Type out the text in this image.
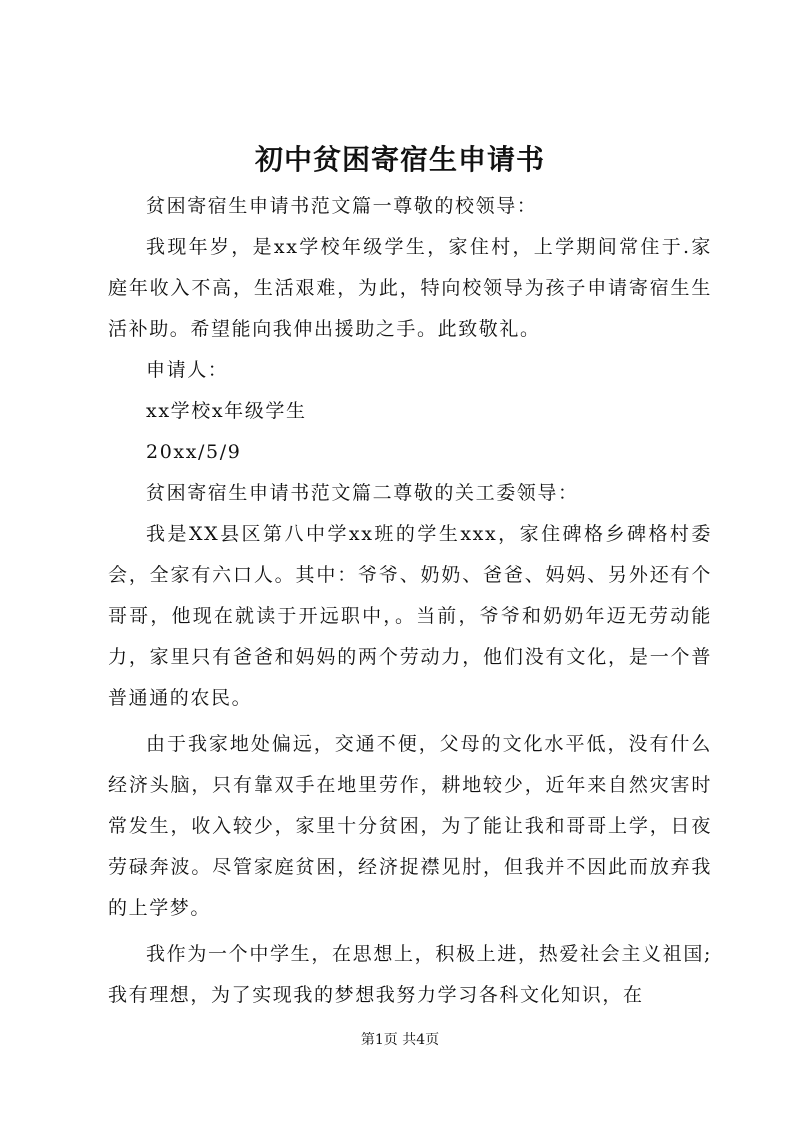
初中贫困寄宿生申请书

贫困寄宿生申请书范文篇一尊敬的校领导：

我现年岁，是xx学校年级学生，家住村，上学期间常住于.家庭年收入不高，生活艰难，为此，特向校领导为孩子申请寄宿生生活补助。希望能向我伸出援助之手。此致敬礼。

申请人：

xx学校x年级学生

20xx/5/9

贫困寄宿生申请书范文篇二尊敬的关工委领导：

我是XX县区第八中学xx班的学生xxx，家住碑格乡碑格村委会，全家有六口人。其中：爷爷、奶奶、爸爸、妈妈、另外还有个哥哥，他现在就读于开远职中，。当前，爷爷和奶奶年迈无劳动能力，家里只有爸爸和妈妈的两个劳动力，他们没有文化，是一个普普通通的农民。

由于我家地处偏远，交通不便，父母的文化水平低，没有什么经济头脑，只有靠双手在地里劳作，耕地较少，近年来自然灾害时常发生，收入较少，家里十分贫困，为了能让我和哥哥上学，日夜劳碌奔波。尽管家庭贫困，经济捉襟见肘，但我并不因此而放弃我的上学梦。

我作为一个中学生，在思想上，积极上进，热爱社会主义祖国;我有理想，为了实现我的梦想我努力学习各科文化知识，在

第1页 共4页
